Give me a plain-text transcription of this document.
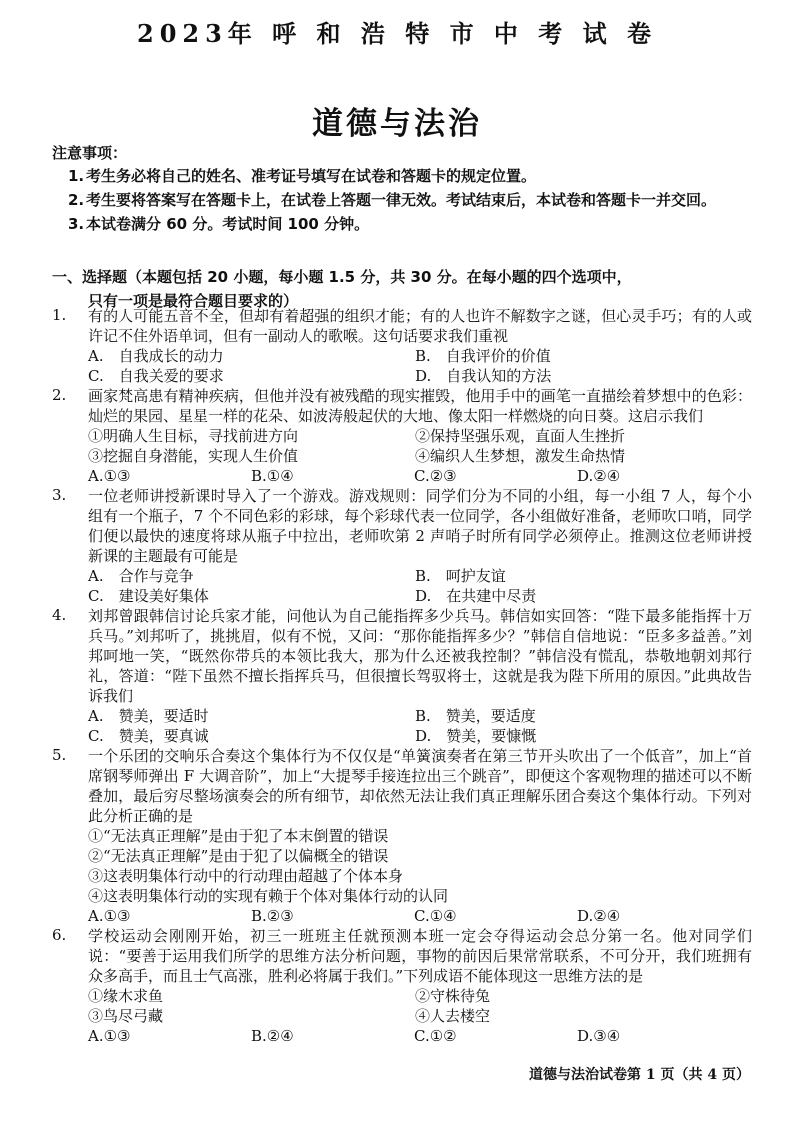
2023年 呼 和 浩 特 市 中 考 试 卷
道德与法治
注意事项：
1. 考生务必将自己的姓名、准考证号填写在试卷和答题卡的规定位置。
2. 考生要将答案写在答题卡上，在试卷上答题一律无效。考试结束后，本试卷和答题卡一并交回。
3. 本试卷满分 60 分。考试时间 100 分钟。
一、选择题（本题包括 20 小题，每小题 1.5 分，共 30 分。在每小题的四个选项中，
只有一项是最符合题目要求的）
1. 有的人可能五音不全，但却有着超强的组织才能；有的人也许不解数字之谜，但心灵手巧；有的人或许记不住外语单词，但有一副动人的歌喉。这句话要求我们重视
A.　自我成长的动力	B.　自我评价的价值
C.　自我关爱的要求	D.　自我认知的方法
2. 画家梵高患有精神疾病，但他并没有被残酷的现实摧毁，他用手中的画笔一直描绘着梦想中的色彩：灿烂的果园、星星一样的花朵、如波涛般起伏的大地、像太阳一样燃烧的向日葵。这启示我们
①明确人生目标，寻找前进方向	②保持坚强乐观，直面人生挫折
③挖掘自身潜能，实现人生价值	④编织人生梦想，激发生命热情
A.①③	B.①④	C.②③	D.②④
3. 一位老师讲授新课时导入了一个游戏。游戏规则：同学们分为不同的小组，每一小组 7 人，每个小组有一个瓶子，7 个不同色彩的彩球，每个彩球代表一位同学，各小组做好准备，老师吹口哨，同学们便以最快的速度将球从瓶子中拉出，老师吹第 2 声哨子时所有同学必须停止。推测这位老师讲授新课的主题最有可能是
A.　合作与竞争	B.　呵护友谊
C.　建设美好集体	D.　在共建中尽责
4. 刘邦曾跟韩信讨论兵家才能，问他认为自己能指挥多少兵马。韩信如实回答：“陛下最多能指挥十万兵马。”刘邦听了，挑挑眉，似有不悦，又问：“那你能指挥多少？”韩信自信地说：“臣多多益善。”刘邦呵地一笑，“既然你带兵的本领比我大，那为什么还被我控制？”韩信没有慌乱，恭敬地朝刘邦行礼，答道：“陛下虽然不擅长指挥兵马，但很擅长驾驭将士，这就是我为陛下所用的原因。”此典故告诉我们
A.　赞美，要适时	B.　赞美，要适度
C.　赞美，要真诚	D.　赞美，要慷慨
5. 一个乐团的交响乐合奏这个集体行为不仅仅是“单簧演奏者在第三节开头吹出了一个低音”，加上“首席钢琴师弹出 F 大调音阶”，加上“大提琴手接连拉出三个跳音”，即便这个客观物理的描述可以不断叠加，最后穷尽整场演奏会的所有细节，却依然无法让我们真正理解乐团合奏这个集体行动。下列对此分析正确的是
①“无法真正理解”是由于犯了本末倒置的错误
②“无法真正理解”是由于犯了以偏概全的错误
③这表明集体行动中的行动理由超越了个体本身
④这表明集体行动的实现有赖于个体对集体行动的认同
A.①③	B.②③	C.①④	D.②④
6. 学校运动会刚刚开始，初三一班班主任就预测本班一定会夺得运动会总分第一名。他对同学们说：“要善于运用我们所学的思维方法分析问题，事物的前因后果常常联系，不可分开，我们班拥有众多高手，而且士气高涨，胜利必将属于我们。”下列成语不能体现这一思维方法的是
①缘木求鱼	②守株待兔
③鸟尽弓藏	④人去楼空
A.①③	B.②④	C.①②	D.③④
道德与法治试卷第 1 页（共 4 页）
